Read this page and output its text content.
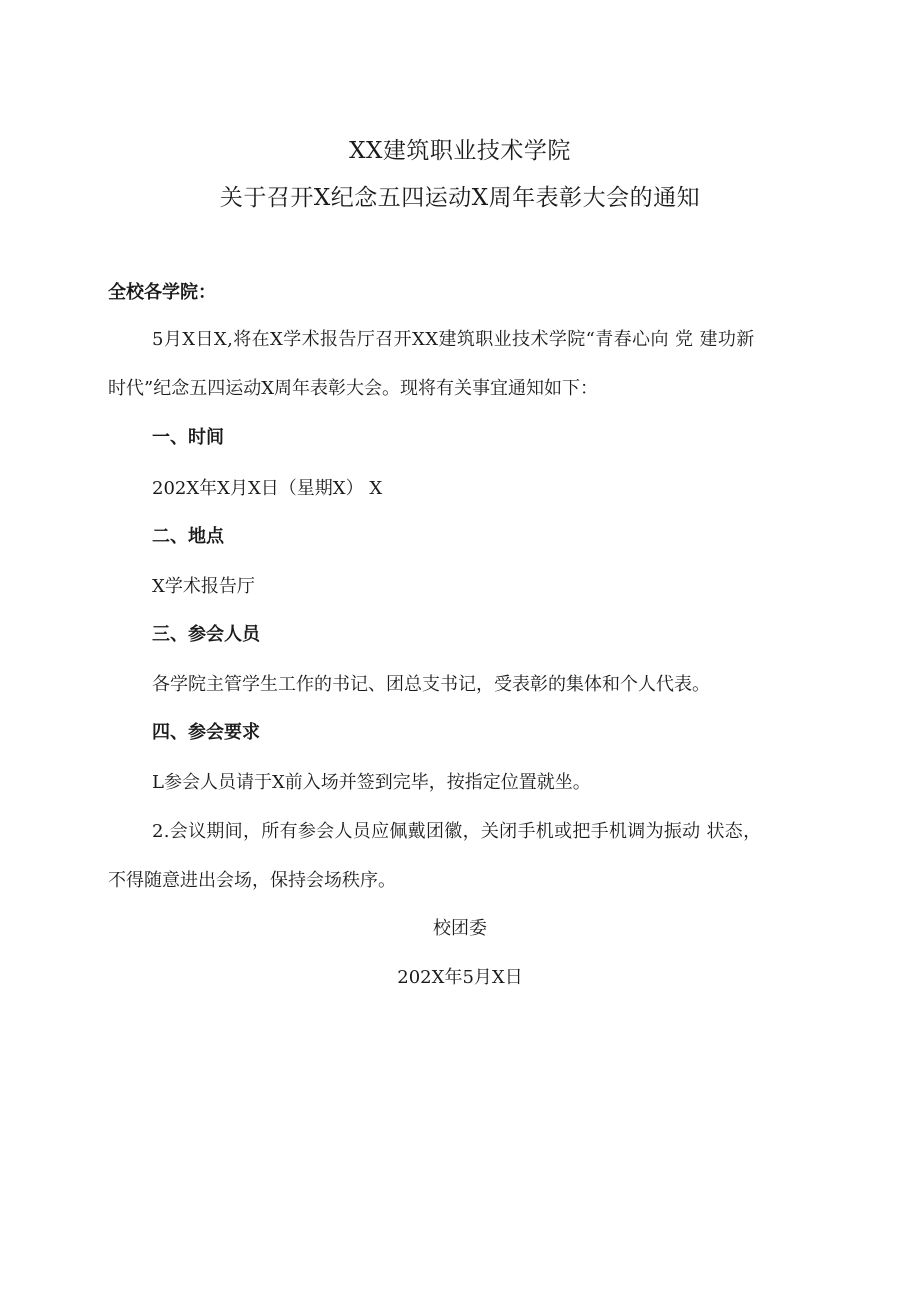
XX建筑职业技术学院
关于召开X纪念五四运动X周年表彰大会的通知
全校各学院：
5月X日X,将在X学术报告厅召开XX建筑职业技术学院“青春心向 党 建功新
时代”纪念五四运动X周年表彰大会。现将有关事宜通知如下：
一、时间
202X年X月X日（星期X） X
二、地点
X学术报告厅
三、参会人员
各学院主管学生工作的书记、团总支书记，受表彰的集体和个人代表。
四、参会要求
L参会人员请于X前入场并签到完毕，按指定位置就坐。
2.会议期间，所有参会人员应佩戴团徽，关闭手机或把手机调为振动 状态，
不得随意进出会场，保持会场秩序。
校团委
202X年5月X日
